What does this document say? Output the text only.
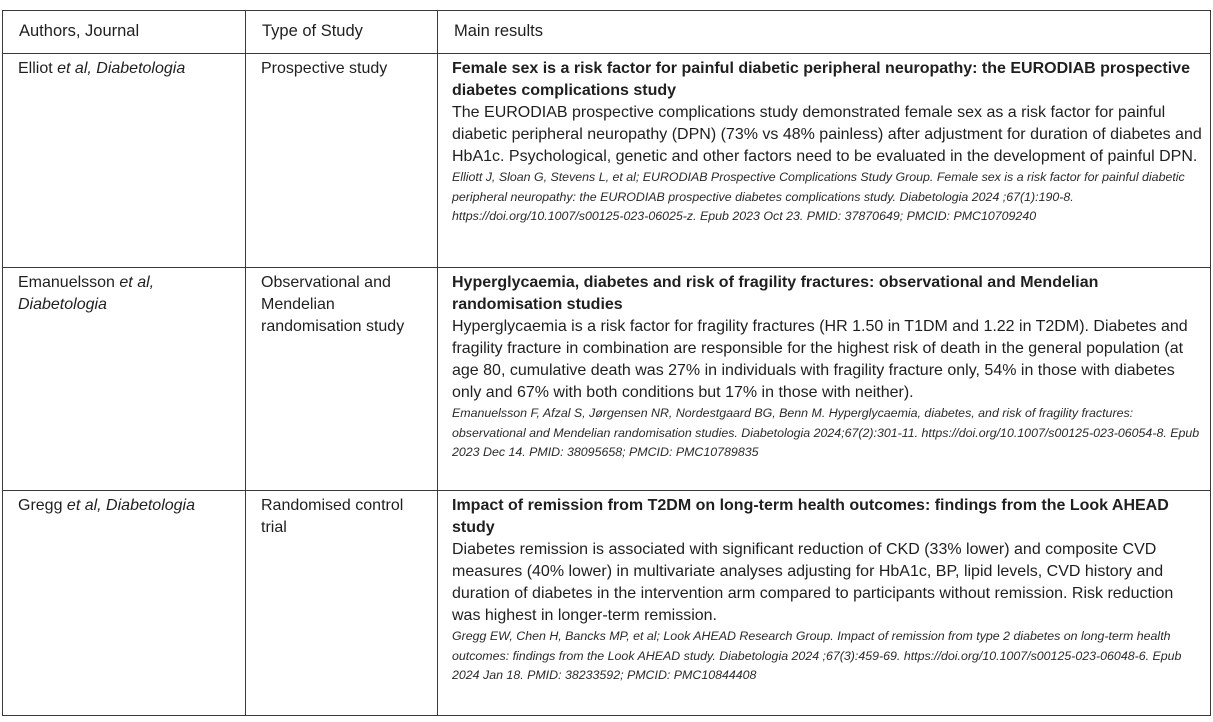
Authors, Journal	Type of Study	Main results
Elliot et al, Diabetologia	Prospective study	Female sex is a risk factor for painful diabetic peripheral neuropathy: the EURODIAB prospective diabetes complications study
The EURODIAB prospective complications study demonstrated female sex as a risk factor for painful diabetic peripheral neuropathy (DPN) (73% vs 48% painless) after adjustment for duration of diabetes and HbA1c. Psychological, genetic and other factors need to be evaluated in the development of painful DPN.
Elliott J, Sloan G, Stevens L, et al; EURODIAB Prospective Complications Study Group. Female sex is a risk factor for painful diabetic peripheral neuropathy: the EURODIAB prospective diabetes complications study. Diabetologia 2024 ;67(1):190-8. https://doi.org/10.1007/s00125-023-06025-z. Epub 2023 Oct 23. PMID: 37870649; PMCID: PMC10709240

Emanuelsson et al, Diabetologia	Observational and Mendelian randomisation study	Hyperglycaemia, diabetes and risk of fragility fractures: observational and Mendelian randomisation studies
Hyperglycaemia is a risk factor for fragility fractures (HR 1.50 in T1DM and 1.22 in T2DM). Diabetes and fragility fracture in combination are responsible for the highest risk of death in the general population (at age 80, cumulative death was 27% in individuals with fragility fracture only, 54% in those with diabetes only and 67% with both conditions but 17% in those with neither).
Emanuelsson F, Afzal S, Jørgensen NR, Nordestgaard BG, Benn M. Hyperglycaemia, diabetes, and risk of fragility fractures: observational and Mendelian randomisation studies. Diabetologia 2024;67(2):301-11. https://doi.org/10.1007/s00125-023-06054-8. Epub 2023 Dec 14. PMID: 38095658; PMCID: PMC10789835

Gregg et al, Diabetologia	Randomised control trial	Impact of remission from T2DM on long-term health outcomes: findings from the Look AHEAD study
Diabetes remission is associated with significant reduction of CKD (33% lower) and composite CVD measures (40% lower) in multivariate analyses adjusting for HbA1c, BP, lipid levels, CVD history and duration of diabetes in the intervention arm compared to participants without remission. Risk reduction was highest in longer-term remission.
Gregg EW, Chen H, Bancks MP, et al; Look AHEAD Research Group. Impact of remission from type 2 diabetes on long-term health outcomes: findings from the Look AHEAD study. Diabetologia 2024 ;67(3):459-69. https://doi.org/10.1007/s00125-023-06048-6. Epub 2024 Jan 18. PMID: 38233592; PMCID: PMC10844408
